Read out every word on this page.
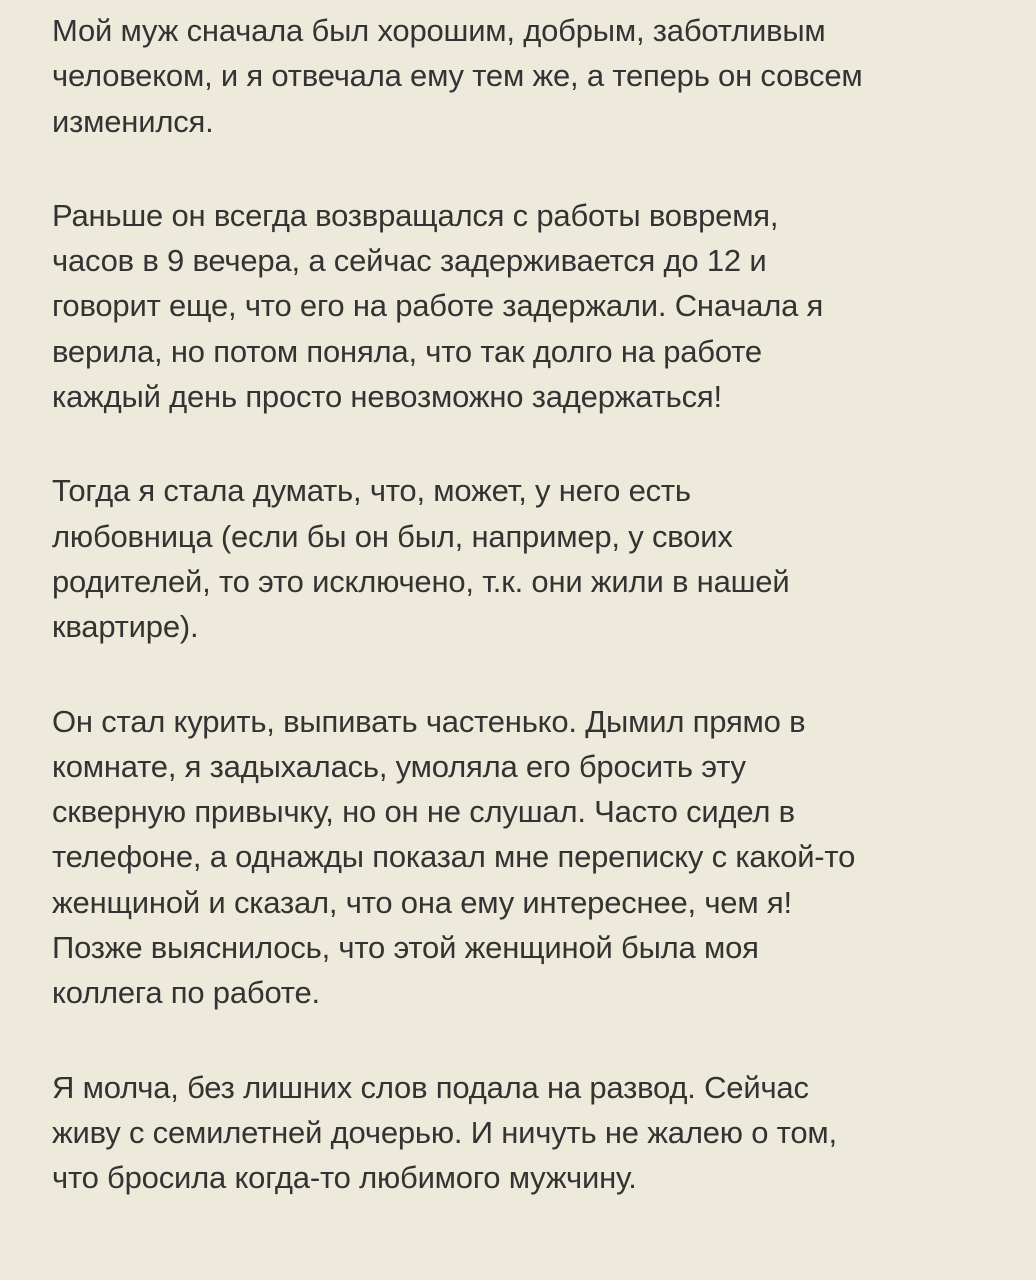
Мой муж сначала был хорошим, добрым, заботливым
человеком, и я отвечала ему тем же, а теперь он совсем
изменился.

Раньше он всегда возвращался с работы вовремя,
часов в 9 вечера, а сейчас задерживается до 12 и
говорит еще, что его на работе задержали. Сначала я
верила, но потом поняла, что так долго на работе
каждый день просто невозможно задержаться!

Тогда я стала думать, что, может, у него есть
любовница (если бы он был, например, у своих
родителей, то это исключено, т.к. они жили в нашей
квартире).

Он стал курить, выпивать частенько. Дымил прямо в
комнате, я задыхалась, умоляла его бросить эту
скверную привычку, но он не слушал. Часто сидел в
телефоне, а однажды показал мне переписку с какой-то
женщиной и сказал, что она ему интереснее, чем я!
Позже выяснилось, что этой женщиной была моя
коллега по работе.

Я молча, без лишних слов подала на развод. Сейчас
живу с семилетней дочерью. И ничуть не жалею о том,
что бросила когда-то любимого мужчину.
